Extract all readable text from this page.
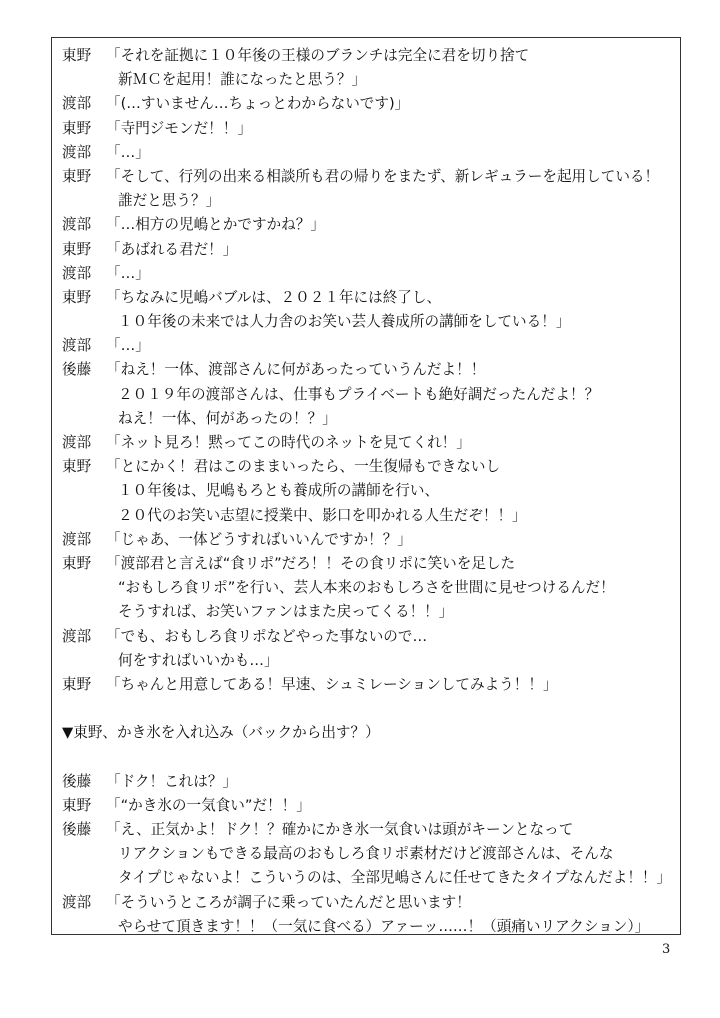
東野	「それを証拠に１０年後の王様のブランチは完全に君を切り捨て
新ＭＣを起用！誰になったと思う？」
渡部	「(…すいません…ちょっとわからないです)」
東野	「寺門ジモンだ！！」
渡部	「…」
東野	「そして、行列の出来る相談所も君の帰りをまたず、新レギュラーを起用している！
誰だと思う？」
渡部	「…相方の児嶋とかですかね？」
東野	「あばれる君だ！」
渡部	「…」
東野	「ちなみに児嶋バブルは、２０２１年には終了し、
１０年後の未来では人力舎のお笑い芸人養成所の講師をしている！」
渡部	「…」
後藤	「ねえ！一体、渡部さんに何があったっていうんだよ！！
２０１９年の渡部さんは、仕事もプライベートも絶好調だったんだよ！？
ねえ！一体、何があったの！？」
渡部	「ネット見ろ！黙ってこの時代のネットを見てくれ！」
東野	「とにかく！君はこのままいったら、一生復帰もできないし
１０年後は、児嶋もろとも養成所の講師を行い、
２０代のお笑い志望に授業中、影口を叩かれる人生だぞ！！」
渡部	「じゃあ、一体どうすればいいんですか！？」
東野	「渡部君と言えば“食リポ”だろ！！その食リポに笑いを足した
“おもしろ食リポ”を行い、芸人本来のおもしろさを世間に見せつけるんだ！
そうすれば、お笑いファンはまた戻ってくる！！」
渡部	「でも、おもしろ食リポなどやった事ないので…
何をすればいいかも…」
東野	「ちゃんと用意してある！早速、シュミレーションしてみよう！！」
▼東野、かき氷を入れ込み（バックから出す？）
後藤	「ドク！これは？」
東野	「“かき氷の一気食い”だ！！」
後藤	「え、正気かよ！ドク！？確かにかき氷一気食いは頭がキーンとなって
リアクションもできる最高のおもしろ食リポ素材だけど渡部さんは、そんな
タイプじゃないよ！こういうのは、全部児嶋さんに任せてきたタイプなんだよ！！」
渡部	「そういうところが調子に乗っていたんだと思います！
やらせて頂きます！！（一気に食べる）アァーッ……！（頭痛いリアクション）」
3
